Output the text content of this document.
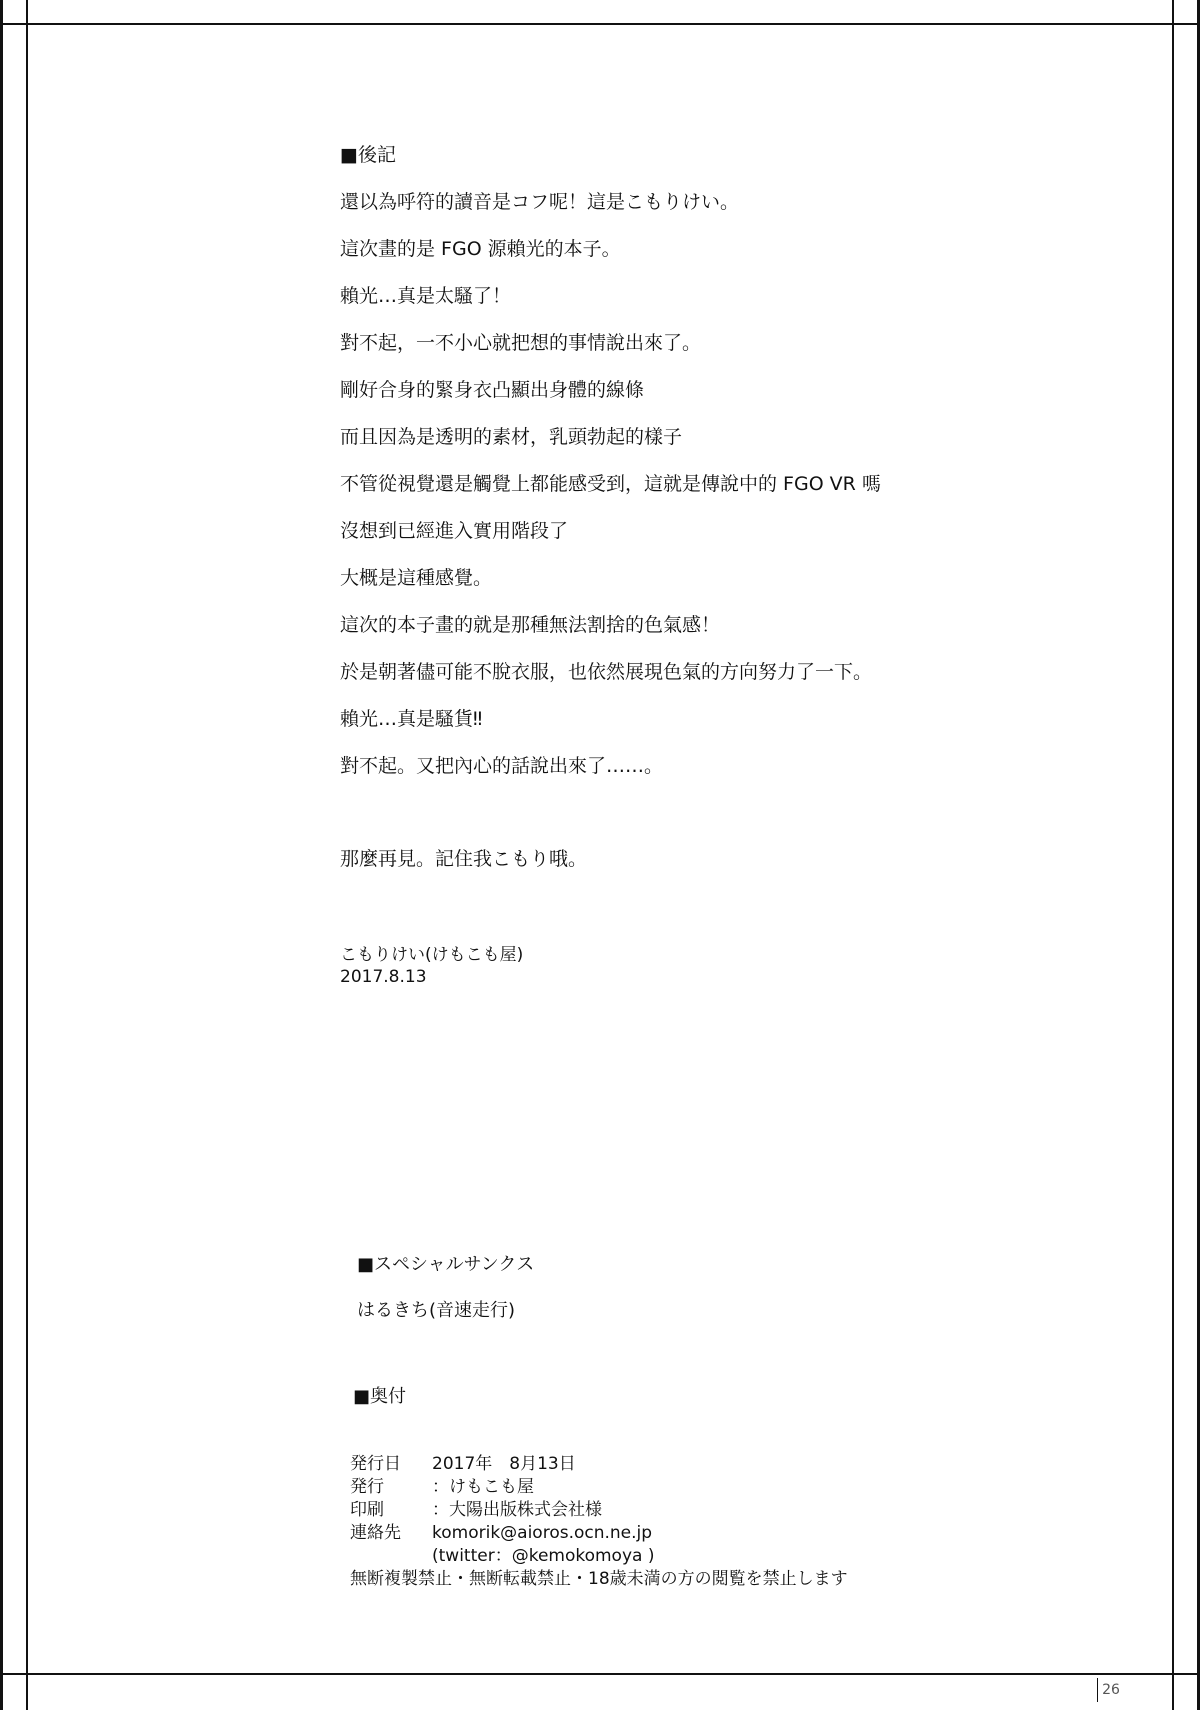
■後記
還以為呼符的讀音是コフ呢！這是こもりけい。
這次畫的是 FGO 源賴光的本子。
賴光…真是太騷了！
對不起，一不小心就把想的事情說出來了。
剛好合身的緊身衣凸顯出身體的線條
而且因為是透明的素材，乳頭勃起的樣子
不管從視覺還是觸覺上都能感受到，這就是傳說中的 FGO VR 嗎
沒想到已經進入實用階段了
大概是這種感覺。
這次的本子畫的就是那種無法割捨的色氣感！
於是朝著儘可能不脫衣服，也依然展現色氣的方向努力了一下。
賴光…真是騷貨‼
對不起。又把內心的話說出來了……。
那麼再見。記住我こもり哦。
こもりけい(けもこも屋)
2017.8.13
■スペシャルサンクス
はるきち(音速走行)
■奥付
発行日	2017年　8月13日
発行	：けもこも屋
印刷	：大陽出版株式会社様
連絡先	komorik@aioros.ocn.ne.jp
(twitter：@kemokomoya )
無断複製禁止・無断転載禁止・18歳未満の方の閲覧を禁止します
26
